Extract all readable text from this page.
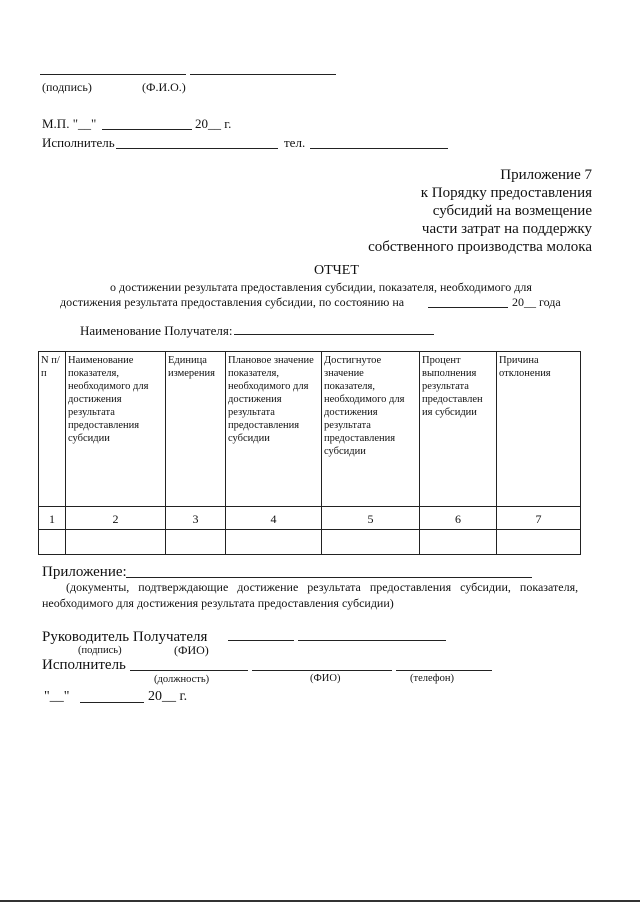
(подпись)	(Ф.И.О.)
М.П. "__"	20__ г.
Исполнитель	тел.
Приложение 7
к Порядку предоставления
субсидий на возмещение
части затрат на поддержку
собственного производства молока
ОТЧЕТ
о достижении результата предоставления субсидии, показателя, необходимого для
достижения результата предоставления субсидии, по состоянию на	20__ года
Наименование Получателя:
N п/п	Наименование показателя, необходимого для достижения результата предоставления субсидии	Единица измерения	Плановое значение показателя, необходимого для достижения результата предоставления субсидии	Достигнутое значение показателя, необходимого для достижения результата предоставления субсидии	Процент выполнения результата предоставлен ия субсидии	Причина отклонения
1	2	3	4	5	6	7

Приложение:
(документы, подтверждающие достижение результата предоставления субсидии, показателя,
необходимого для достижения результата предоставления субсидии)
Руководитель Получателя
(подпись)	(ФИО)
Исполнитель
(должность)	(ФИО)	(телефон)
"__"	20__ г.
